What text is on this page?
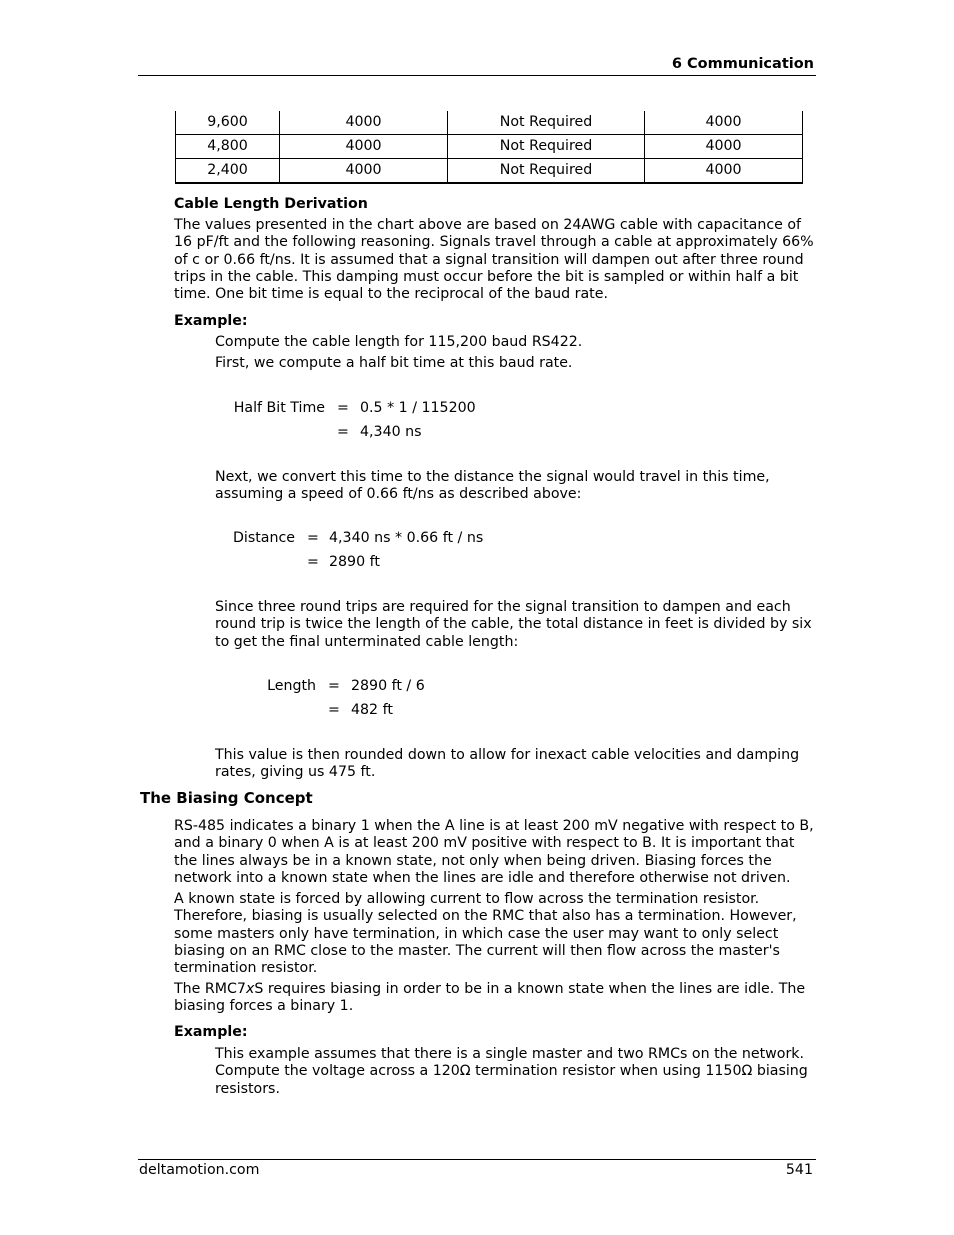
6 Communication
9,600	4000	Not Required	4000
4,800	4000	Not Required	4000
2,400	4000	Not Required	4000
Cable Length Derivation

The values presented in the chart above are based on 24AWG cable with capacitance of 16 pF/ft and the following reasoning. Signals travel through a cable at approximately 66% of c or 0.66 ft/ns. It is assumed that a signal transition will dampen out after three round trips in the cable. This damping must occur before the bit is sampled or within half a bit time. One bit time is equal to the reciprocal of the baud rate.

Example:
Compute the cable length for 115,200 baud RS422.
First, we compute a half bit time at this baud rate.
Half Bit Time = 0.5 * 1 / 115200
= 4,340 ns

Next, we convert this time to the distance the signal would travel in this time, assuming a speed of 0.66 ft/ns as described above:

Distance = 4,340 ns * 0.66 ft / ns
= 2890 ft

Since three round trips are required for the signal transition to dampen and each round trip is twice the length of the cable, the total distance in feet is divided by six to get the final unterminated cable length:

Length = 2890 ft / 6
= 482 ft

This value is then rounded down to allow for inexact cable velocities and damping rates, giving us 475 ft.

The Biasing Concept

RS-485 indicates a binary 1 when the A line is at least 200 mV negative with respect to B, and a binary 0 when A is at least 200 mV positive with respect to B. It is important that the lines always be in a known state, not only when being driven. Biasing forces the network into a known state when the lines are idle and therefore otherwise not driven.

A known state is forced by allowing current to flow across the termination resistor. Therefore, biasing is usually selected on the RMC that also has a termination. However, some masters only have termination, in which case the user may want to only select biasing on an RMC close to the master. The current will then flow across the master's termination resistor.

The RMC7xS requires biasing in order to be in a known state when the lines are idle. The biasing forces a binary 1.

Example:

This example assumes that there is a single master and two RMCs on the network. Compute the voltage across a 120Ω termination resistor when using 1150Ω biasing resistors.

deltamotion.com	541
